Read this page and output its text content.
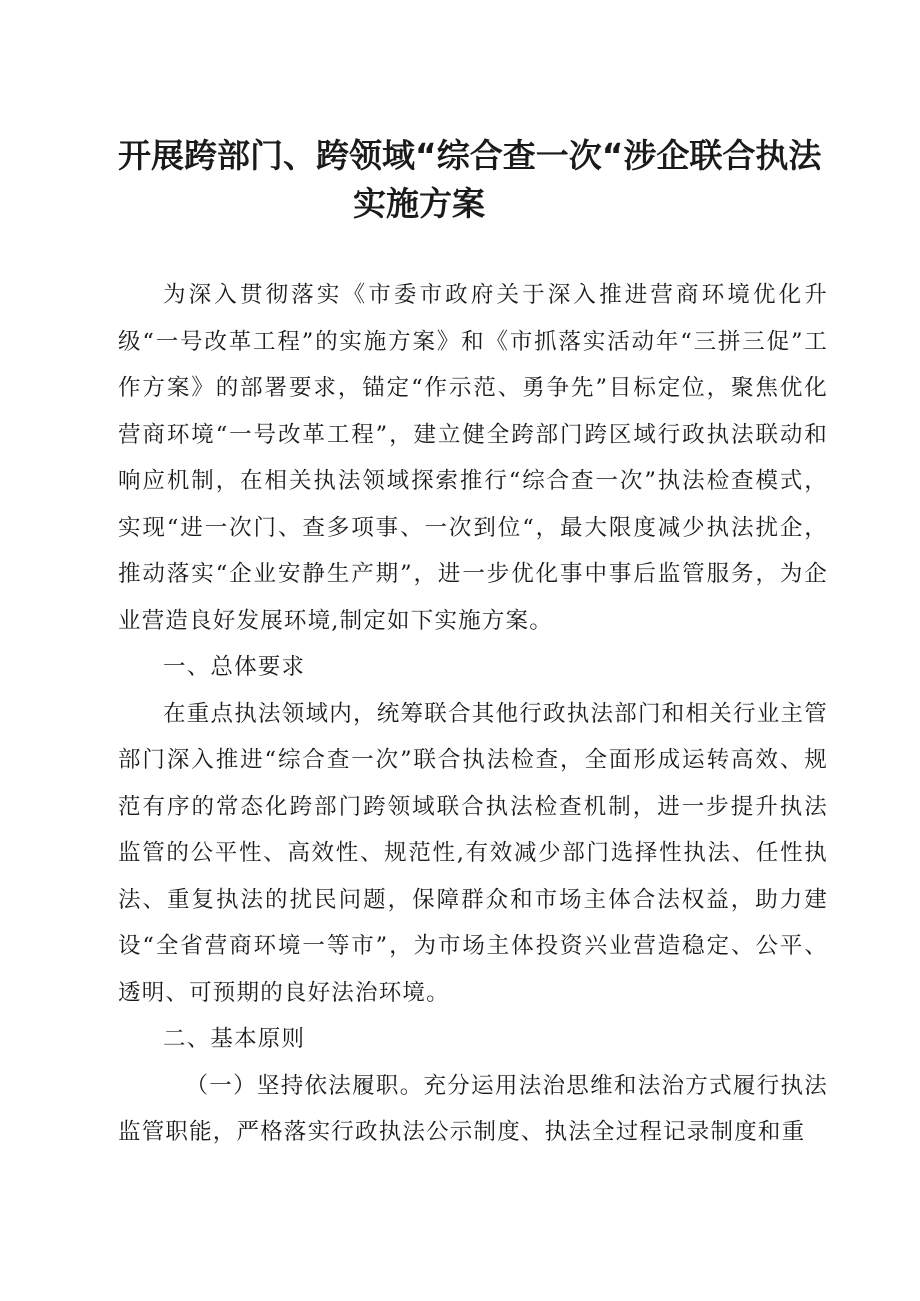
开展跨部门、跨领域“综合查一次“涉企联合执法
实施方案

为深入贯彻落实《市委市政府关于深入推进营商环境优化升级“一号改革工程”的实施方案》和《市抓落实活动年“三拼三促”工作方案》的部署要求，锚定“作示范、勇争先”目标定位，聚焦优化营商环境“一号改革工程”，建立健全跨部门跨区域行政执法联动和响应机制，在相关执法领域探索推行“综合查一次”执法检查模式，实现“进一次门、查多项事、一次到位“，最大限度减少执法扰企，推动落实“企业安静生产期”，进一步优化事中事后监管服务，为企业营造良好发展环境,制定如下实施方案。

一、总体要求

在重点执法领域内，统筹联合其他行政执法部门和相关行业主管部门深入推进“综合查一次”联合执法检查，全面形成运转高效、规范有序的常态化跨部门跨领域联合执法检查机制，进一步提升执法监管的公平性、高效性、规范性,有效减少部门选择性执法、任性执法、重复执法的扰民问题，保障群众和市场主体合法权益，助力建设“全省营商环境一等市”，为市场主体投资兴业营造稳定、公平、透明、可预期的良好法治环境。

二、基本原则

（一）坚持依法履职。充分运用法治思维和法治方式履行执法监管职能，严格落实行政执法公示制度、执法全过程记录制度和重
